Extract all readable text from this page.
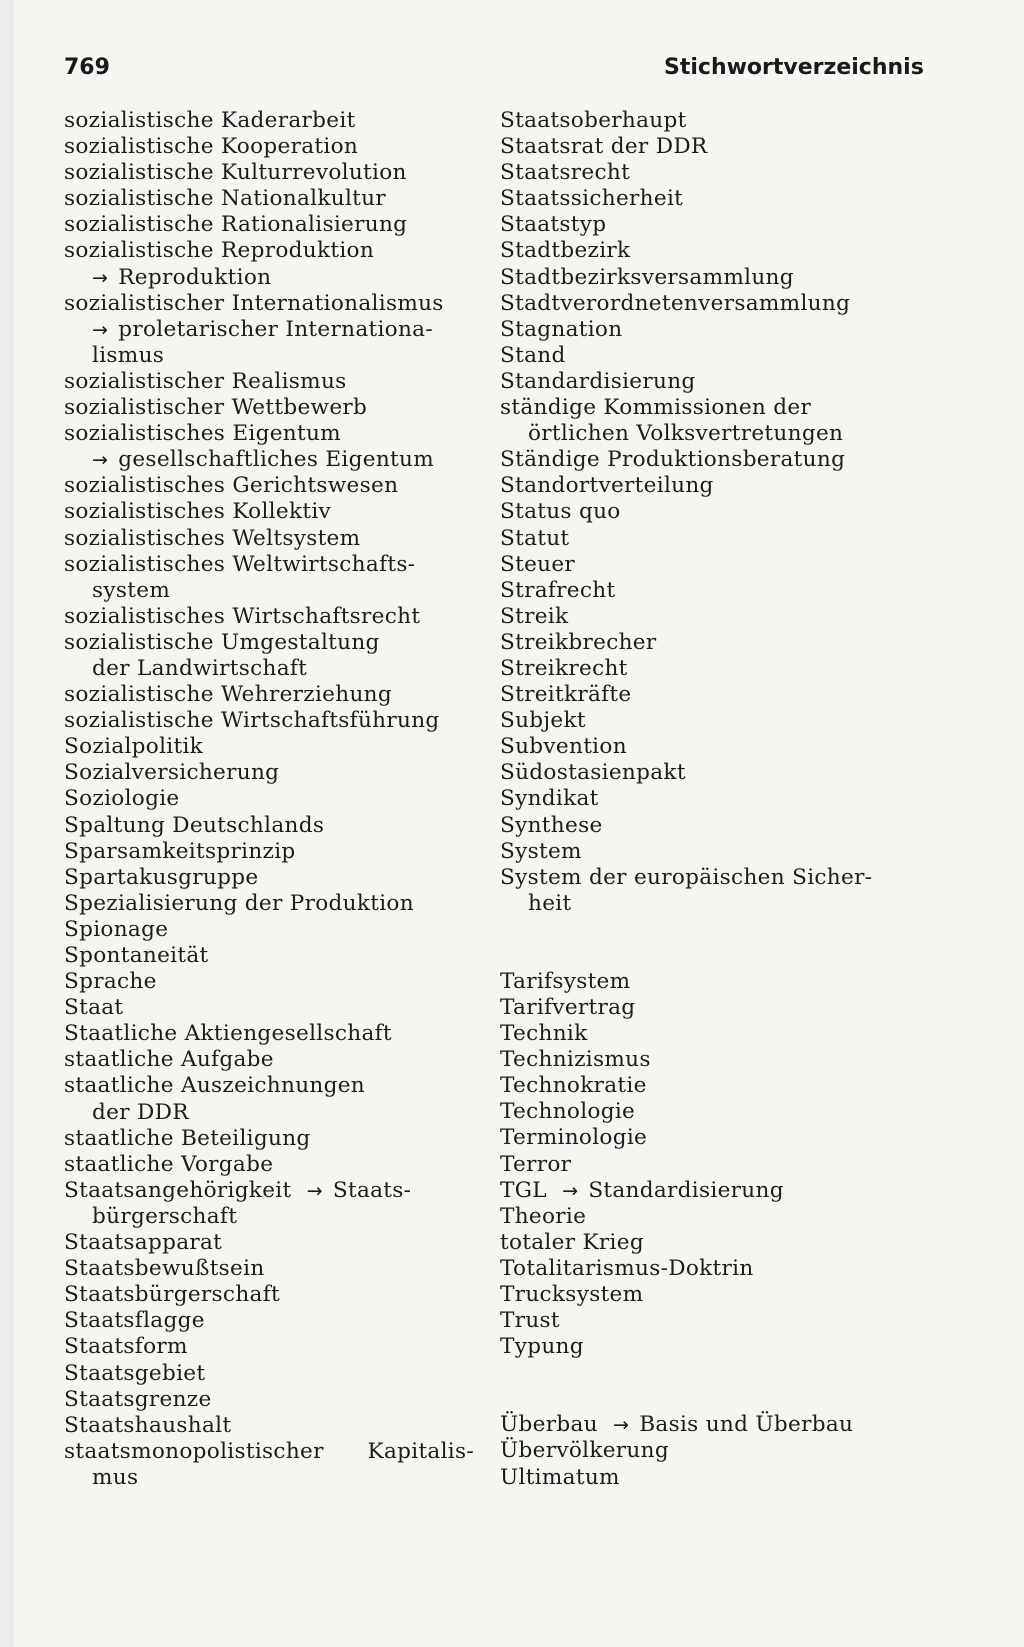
769	Stichwortverzeichnis
sozialistische Kaderarbeit
sozialistische Kooperation
sozialistische Kulturrevolution
sozialistische Nationalkultur
sozialistische Rationalisierung
sozialistische Reproduktion
→ Reproduktion
sozialistischer Internationalismus
→ proletarischer Internationa-
lismus
sozialistischer Realismus
sozialistischer Wettbewerb
sozialistisches Eigentum
→ gesellschaftliches Eigentum
sozialistisches Gerichtswesen
sozialistisches Kollektiv
sozialistisches Weltsystem
sozialistisches Weltwirtschafts-
system
sozialistisches Wirtschaftsrecht
sozialistische Umgestaltung
der Landwirtschaft
sozialistische Wehrerziehung
sozialistische Wirtschaftsführung
Sozialpolitik
Sozialversicherung
Soziologie
Spaltung Deutschlands
Sparsamkeitsprinzip
Spartakusgruppe
Spezialisierung der Produktion
Spionage
Spontaneität
Sprache
Staat
Staatliche Aktiengesellschaft
staatliche Aufgabe
staatliche Auszeichnungen
der DDR
staatliche Beteiligung
staatliche Vorgabe
Staatsangehörigkeit → Staats-
bürgerschaft
Staatsapparat
Staatsbewußtsein
Staatsbürgerschaft
Staatsflagge
Staatsform
Staatsgebiet
Staatsgrenze
Staatshaushalt
staatsmonopolistischer Kapitalis-
mus
Staatsoberhaupt
Staatsrat der DDR
Staatsrecht
Staatssicherheit
Staatstyp
Stadtbezirk
Stadtbezirksversammlung
Stadtverordnetenversammlung
Stagnation
Stand
Standardisierung
ständige Kommissionen der
örtlichen Volksvertretungen
Ständige Produktionsberatung
Standortverteilung
Status quo
Statut
Steuer
Strafrecht
Streik
Streikbrecher
Streikrecht
Streitkräfte
Subjekt
Subvention
Südostasienpakt
Syndikat
Synthese
System
System der europäischen Sicher-
heit
Tarifsystem
Tarifvertrag
Technik
Technizismus
Technokratie
Technologie
Terminologie
Terror
TGL → Standardisierung
Theorie
totaler Krieg
Totalitarismus-Doktrin
Trucksystem
Trust
Typung
Überbau → Basis und Überbau
Übervölkerung
Ultimatum
